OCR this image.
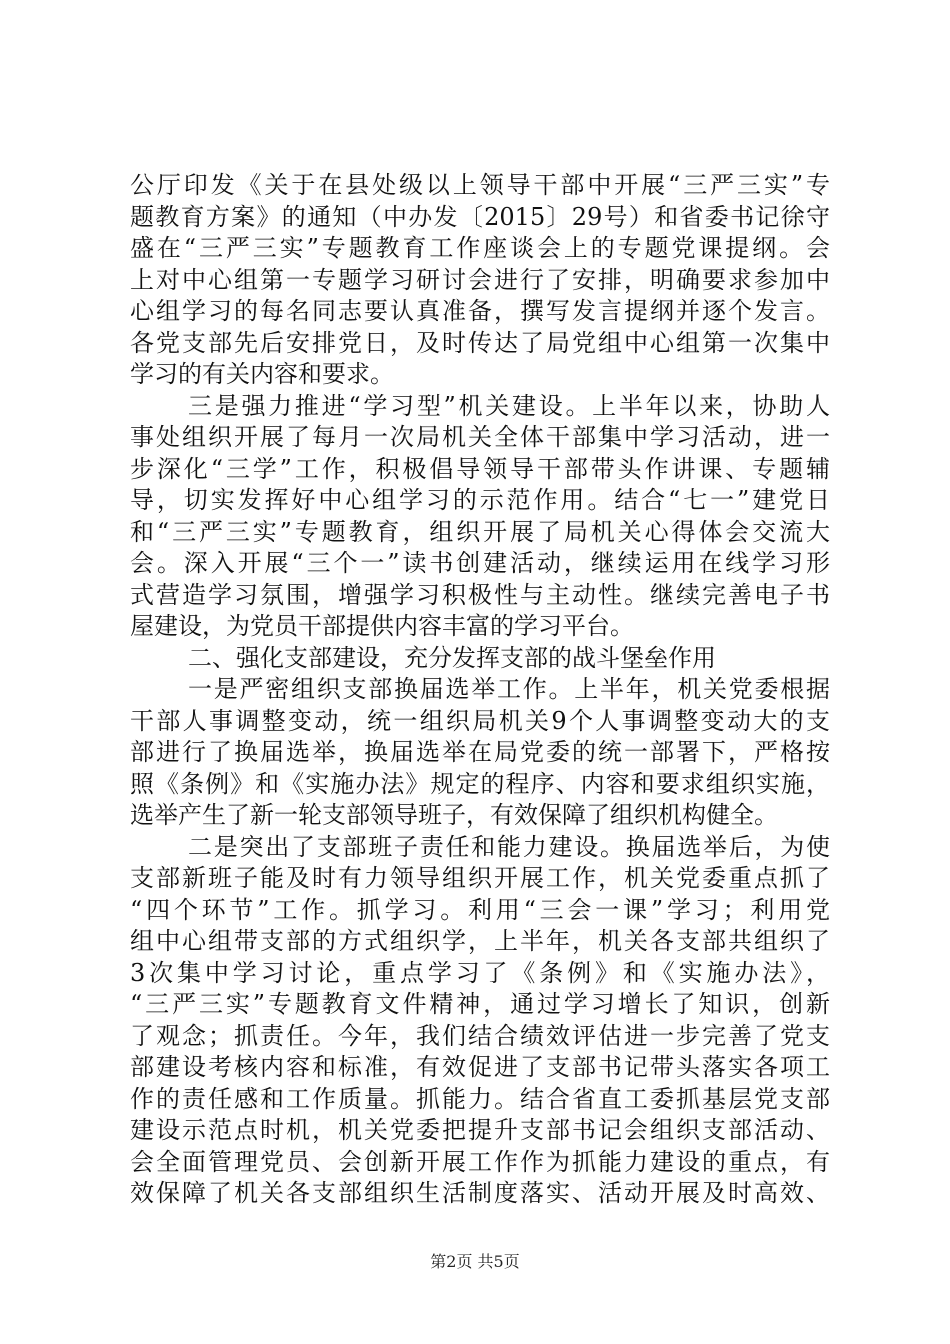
公厅印发《关于在县处级以上领导干部中开展“三严三实”专
题教育方案》的通知（中办发〔2015〕29号）和省委书记徐守
盛在“三严三实”专题教育工作座谈会上的专题党课提纲。会
上对中心组第一专题学习研讨会进行了安排，明确要求参加中
心组学习的每名同志要认真准备，撰写发言提纲并逐个发言。
各党支部先后安排党日，及时传达了局党组中心组第一次集中
学习的有关内容和要求。
三是强力推进“学习型”机关建设。上半年以来，协助人
事处组织开展了每月一次局机关全体干部集中学习活动，进一
步深化“三学”工作，积极倡导领导干部带头作讲课、专题辅
导，切实发挥好中心组学习的示范作用。结合“七一”建党日
和“三严三实”专题教育，组织开展了局机关心得体会交流大
会。深入开展“三个一”读书创建活动，继续运用在线学习形
式营造学习氛围，增强学习积极性与主动性。继续完善电子书
屋建设，为党员干部提供内容丰富的学习平台。
二、强化支部建设，充分发挥支部的战斗堡垒作用
一是严密组织支部换届选举工作。上半年，机关党委根据
干部人事调整变动，统一组织局机关9个人事调整变动大的支
部进行了换届选举，换届选举在局党委的统一部署下，严格按
照《条例》和《实施办法》规定的程序、内容和要求组织实施，
选举产生了新一轮支部领导班子，有效保障了组织机构健全。
二是突出了支部班子责任和能力建设。换届选举后，为使
支部新班子能及时有力领导组织开展工作，机关党委重点抓了
“四个环节”工作。抓学习。利用“三会一课”学习；利用党
组中心组带支部的方式组织学，上半年，机关各支部共组织了
3次集中学习讨论，重点学习了《条例》和《实施办法》，
“三严三实”专题教育文件精神，通过学习增长了知识，创新
了观念；抓责任。今年，我们结合绩效评估进一步完善了党支
部建设考核内容和标准，有效促进了支部书记带头落实各项工
作的责任感和工作质量。抓能力。结合省直工委抓基层党支部
建设示范点时机，机关党委把提升支部书记会组织支部活动、
会全面管理党员、会创新开展工作作为抓能力建设的重点，有
效保障了机关各支部组织生活制度落实、活动开展及时高效、
第2页 共5页
